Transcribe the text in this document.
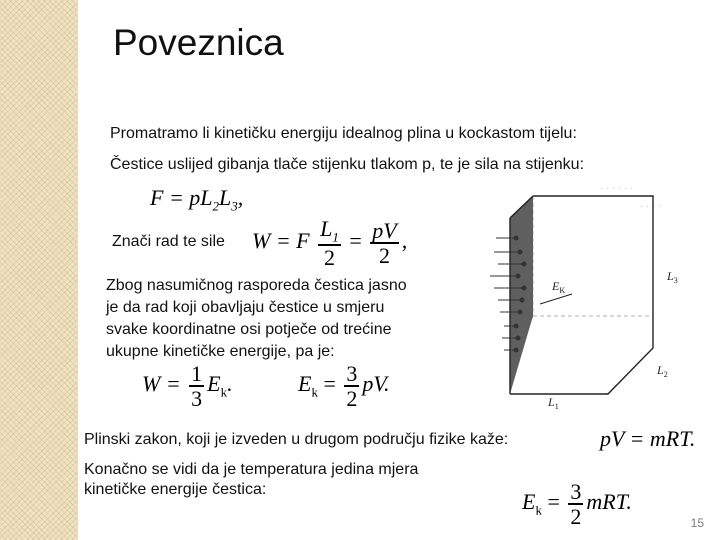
Poveznica
Promatramo li kinetičku energiju idealnog plina u kockastom tijelu:
Čestice uslijed gibanja tlače stijenku tlakom p, te je sila na stijenku:
. . . . . .
. . . .
$F = pL_2L_3$,
Znači rad te sile W = F $\frac{L_1}{2} = \frac{pV}{2}$ ,
$E_K$
$L_3$
$L_2$
$L_1$
Zbog nasumičnog rasporeda čestica jasno
je da rad koji obavljaju čestice u smjeru
svake koordinatne osi potječe od trećine
ukupne kinetičke energije, pa je:
$W = \frac{1}{3} E_k$.	$E_k = \frac{3}{2}$ pV.
Plinski zakon, koji je izveden u drugom području fizike kaže:	pV = mRT.
Konačno se vidi da je temperatura jedina mjera
kinetičke energije čestica:	$E_k = \frac{3}{2}$ mRT.
15
